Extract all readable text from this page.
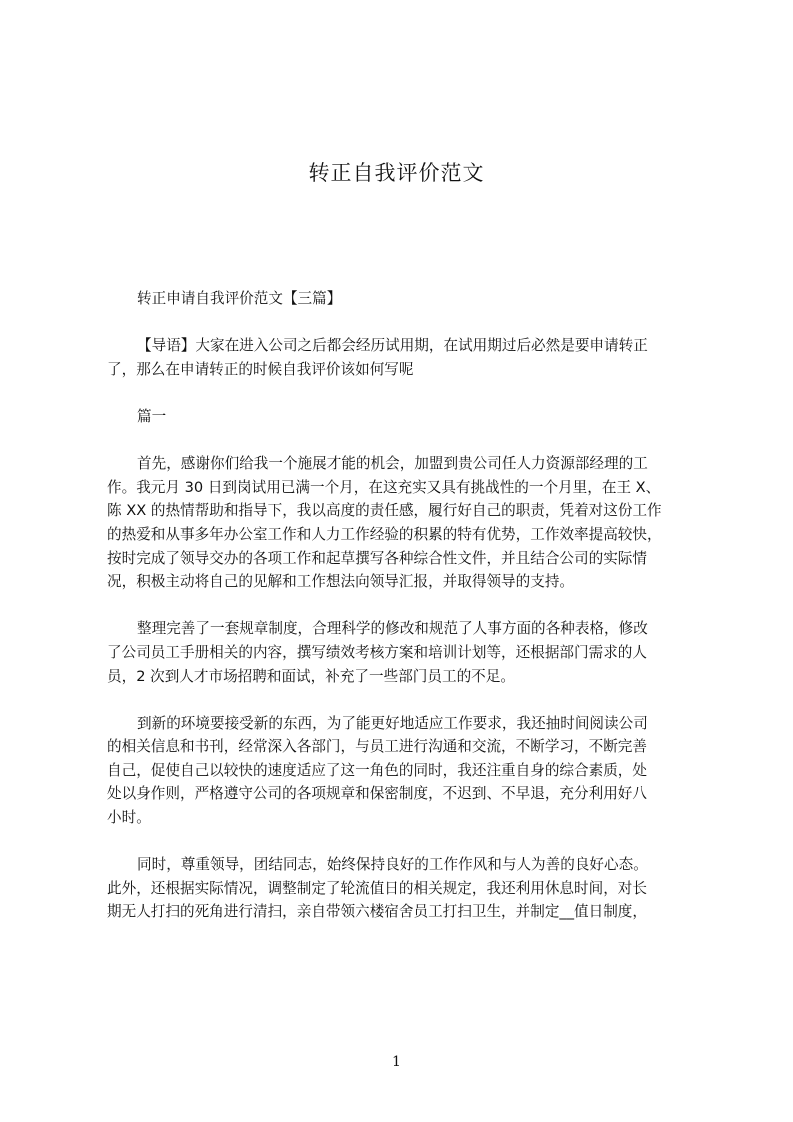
转正自我评价范文

转正申请自我评价范文【三篇】

【导语】大家在进入公司之后都会经历试用期，在试用期过后必然是要申请转正
了，那么在申请转正的时候自我评价该如何写呢

篇一

首先，感谢你们给我一个施展才能的机会，加盟到贵公司任人力资源部经理的工
作。我元月 30 日到岗试用已满一个月，在这充实又具有挑战性的一个月里，在王 X、
陈 XX 的热情帮助和指导下，我以高度的责任感，履行好自己的职责，凭着对这份工作
的热爱和从事多年办公室工作和人力工作经验的积累的特有优势，工作效率提高较快，
按时完成了领导交办的各项工作和起草撰写各种综合性文件，并且结合公司的实际情
况，积极主动将自己的见解和工作想法向领导汇报，并取得领导的支持。
整理完善了一套规章制度，合理科学的修改和规范了人事方面的各种表格，修改
了公司员工手册相关的内容，撰写绩效考核方案和培训计划等，还根据部门需求的人
员，2 次到人才市场招聘和面试，补充了一些部门员工的不足。
到新的环境要接受新的东西，为了能更好地适应工作要求，我还抽时间阅读公司
的相关信息和书刊，经常深入各部门，与员工进行沟通和交流，不断学习，不断完善
自己，促使自己以较快的速度适应了这一角色的同时，我还注重自身的综合素质，处
处以身作则，严格遵守公司的各项规章和保密制度，不迟到、不早退，充分利用好八
小时。
同时，尊重领导，团结同志，始终保持良好的工作作风和与人为善的良好心态。
此外，还根据实际情况，调整制定了轮流值日的相关规定，我还利用休息时间，对长
期无人打扫的死角进行清扫，亲自带领六楼宿舍员工打扫卫生，并制定__值日制度，
1
